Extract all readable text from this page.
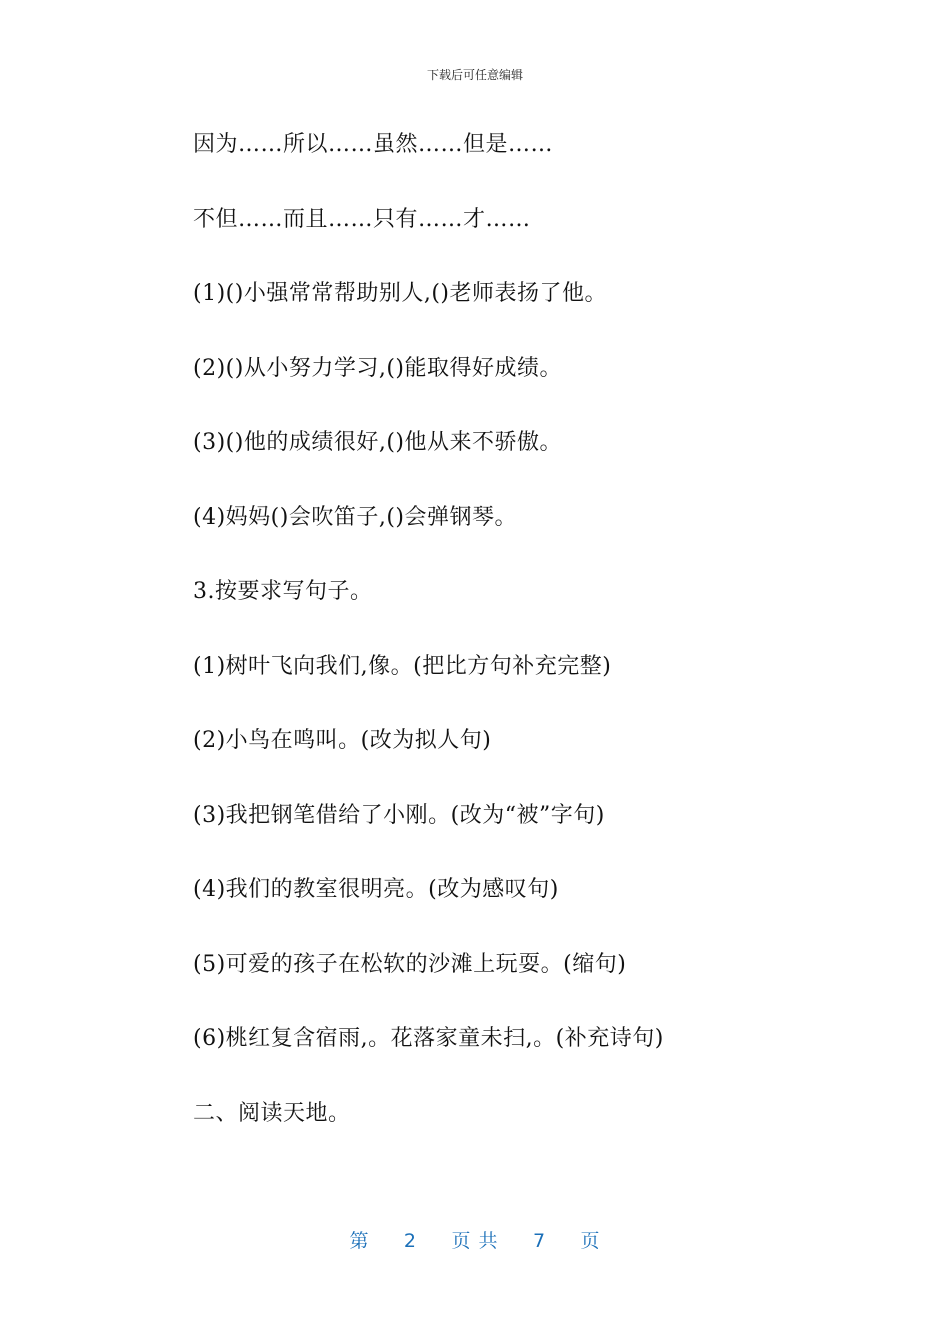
下载后可任意编辑
因为……所以……虽然……但是……
不但……而且……只有……才……
(1)()小强常常帮助别人,()老师表扬了他。
(2)()从小努力学习,()能取得好成绩。
(3)()他的成绩很好,()他从来不骄傲。
(4)妈妈()会吹笛子,()会弹钢琴。
3.按要求写句子。
(1)树叶飞向我们,像。(把比方句补充完整)
(2)小鸟在鸣叫。(改为拟人句)
(3)我把钢笔借给了小刚。(改为“被”字句)
(4)我们的教室很明亮。(改为感叹句)
(5)可爱的孩子在松软的沙滩上玩耍。(缩句)
(6)桃红复含宿雨,。花落家童未扫,。(补充诗句)
二、阅读天地。
第 2 页 共 7 页
